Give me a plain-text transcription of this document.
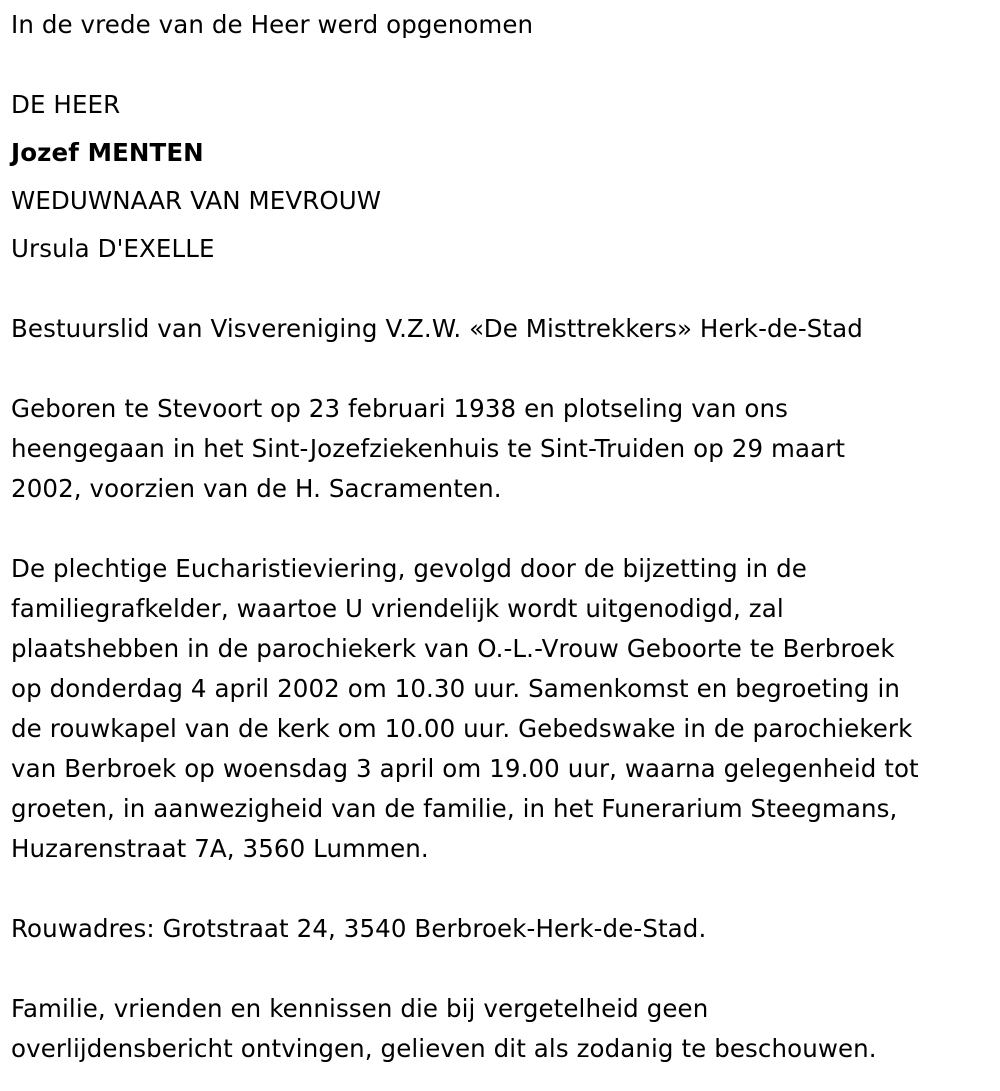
In de vrede van de Heer werd opgenomen
DE HEER
Jozef MENTEN
WEDUWNAAR VAN MEVROUW
Ursula D'EXELLE
Bestuurslid van Visvereniging V.Z.W. «De Misttrekkers» Herk-de-Stad
Geboren te Stevoort op 23 februari 1938 en plotseling van ons
heengegaan in het Sint-Jozefziekenhuis te Sint-Truiden op 29 maart
2002, voorzien van de H. Sacramenten.
De plechtige Eucharistieviering, gevolgd door de bijzetting in de
familiegrafkelder, waartoe U vriendelijk wordt uitgenodigd, zal
plaatshebben in de parochiekerk van O.-L.-Vrouw Geboorte te Berbroek
op donderdag 4 april 2002 om 10.30 uur. Samenkomst en begroeting in
de rouwkapel van de kerk om 10.00 uur. Gebedswake in de parochiekerk
van Berbroek op woensdag 3 april om 19.00 uur, waarna gelegenheid tot
groeten, in aanwezigheid van de familie, in het Funerarium Steegmans,
Huzarenstraat 7A, 3560 Lummen.
Rouwadres: Grotstraat 24, 3540 Berbroek-Herk-de-Stad.
Familie, vrienden en kennissen die bij vergetelheid geen
overlijdensbericht ontvingen, gelieven dit als zodanig te beschouwen.
